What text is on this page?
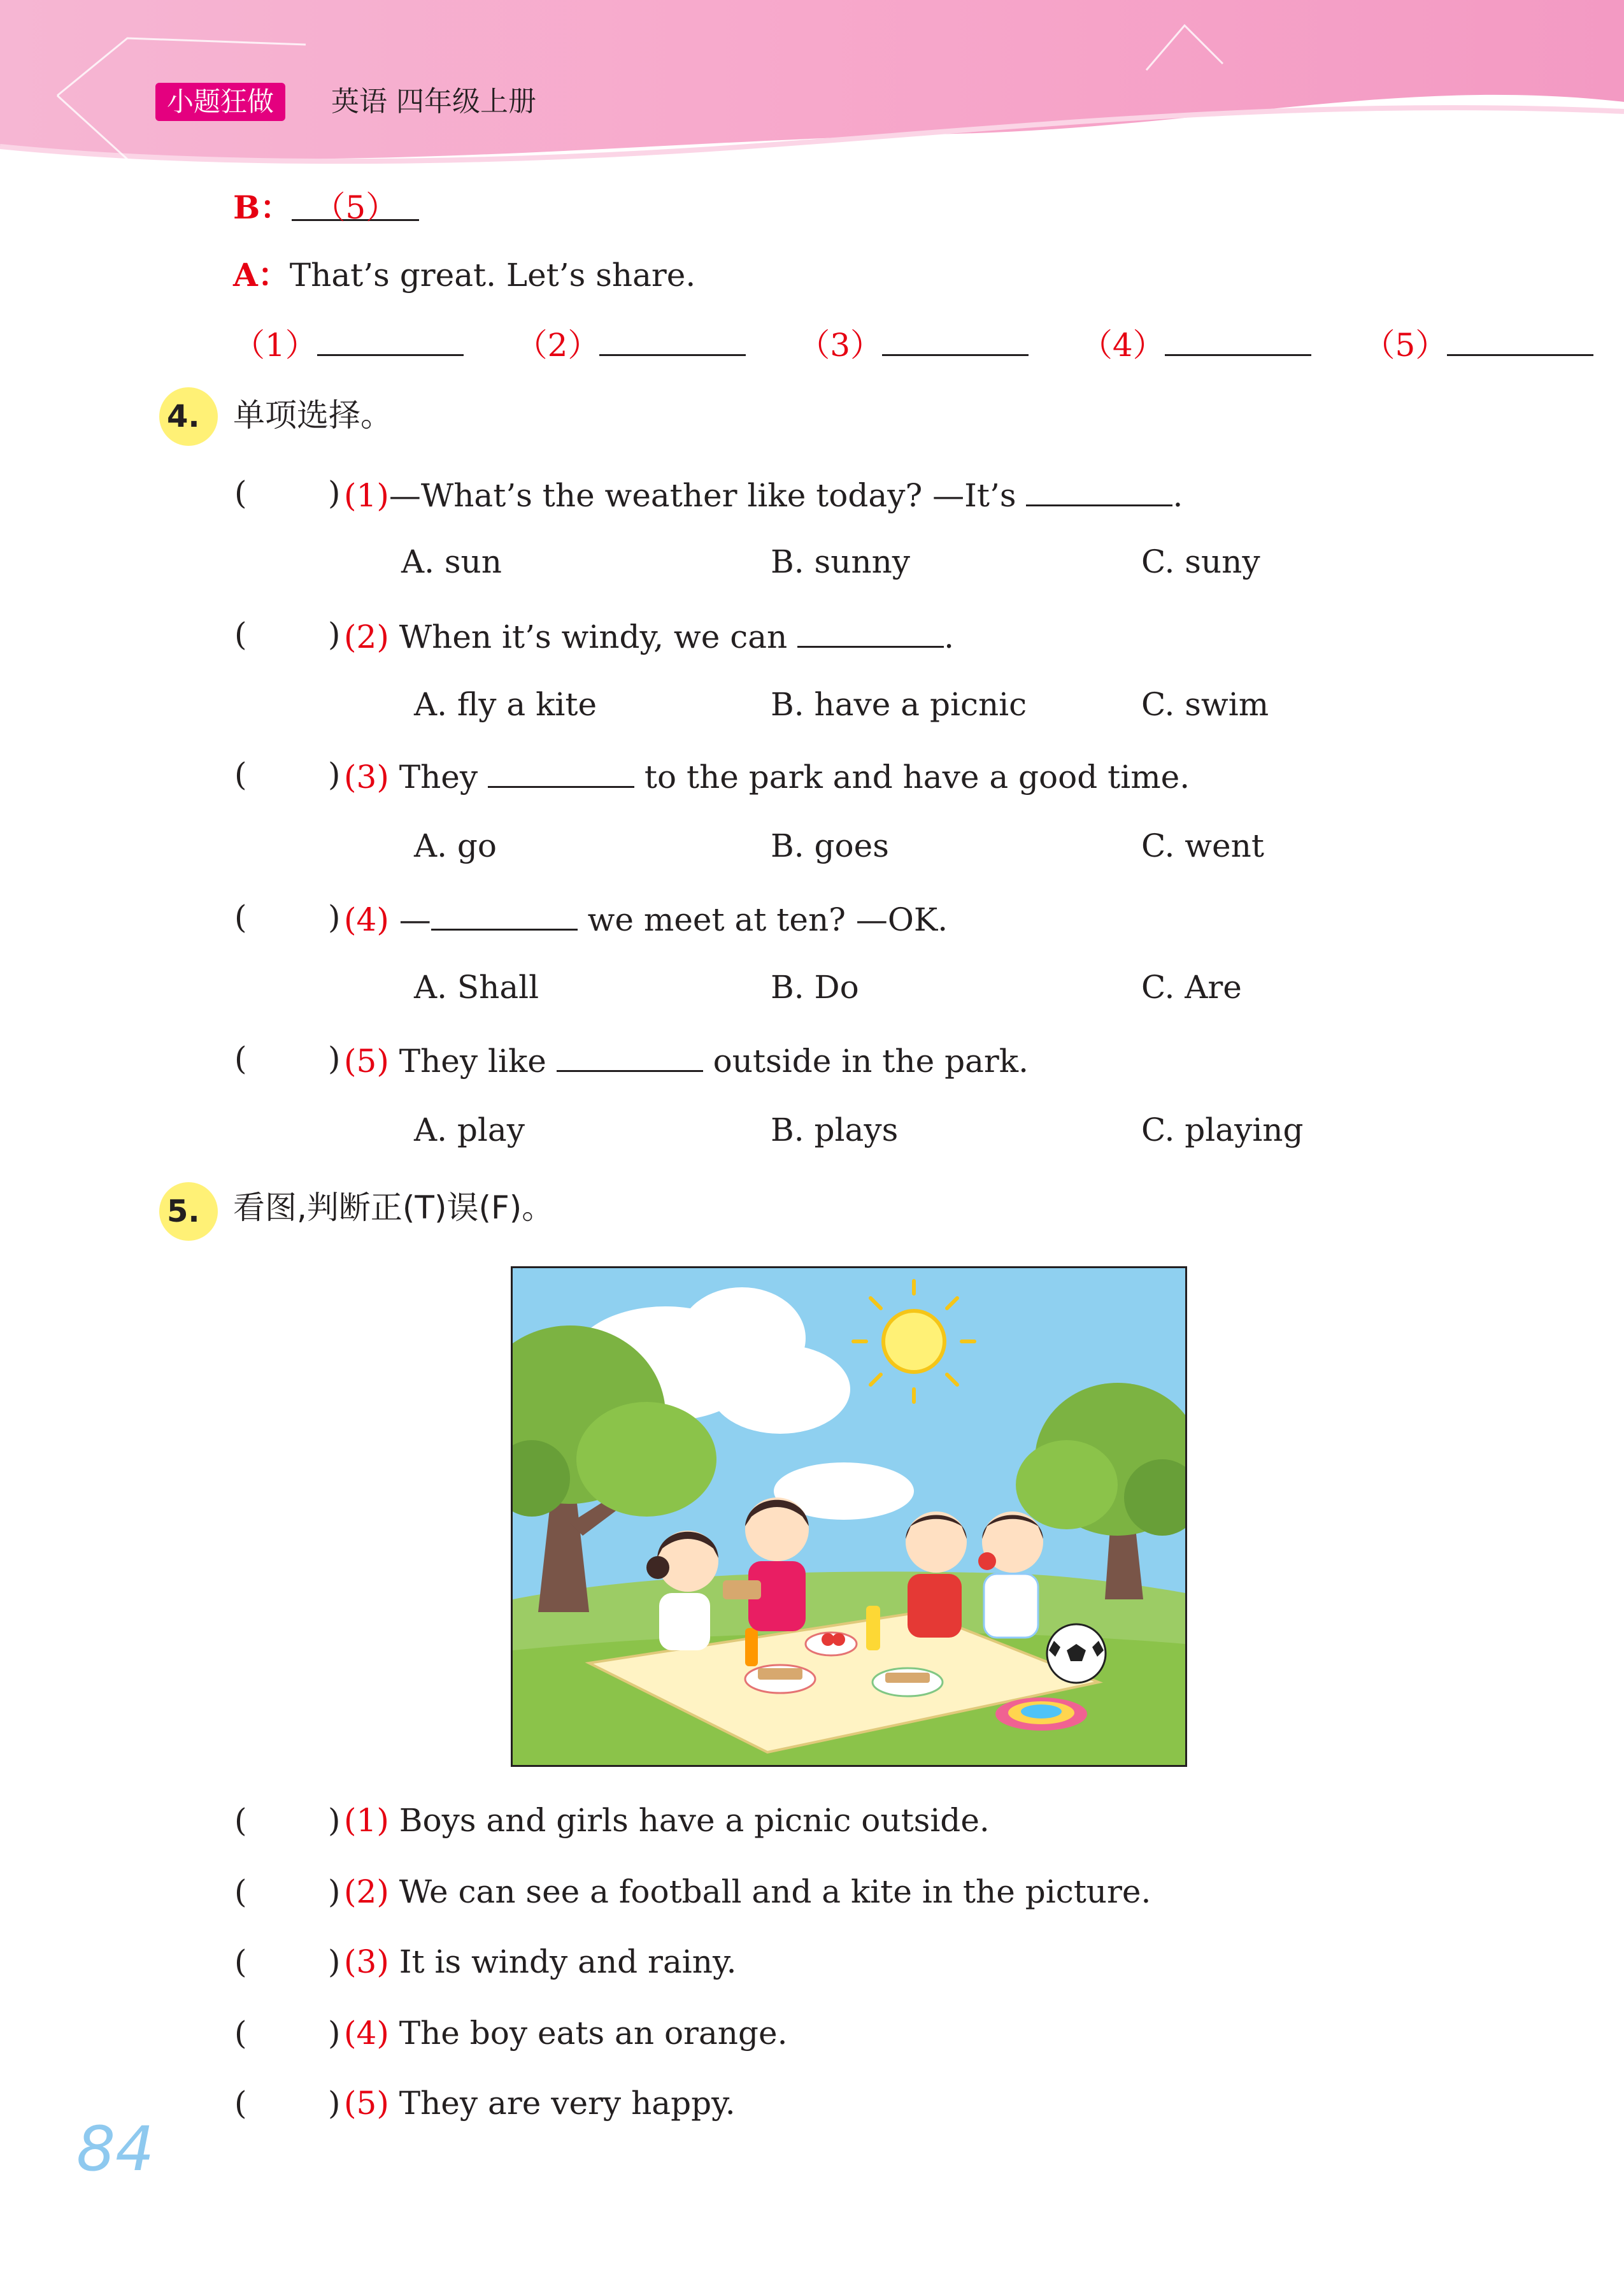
小题狂做	英语 四年级上册
B： （5）
A：That’s great. Let’s share.
（1）	（2）	（3）	（4）	（5）
4. 单项选择。
(	) (1)—What’s the weather like today? —It’s	.
A. sun	B. sunny	C. suny
(	) (2) When it’s windy, we can	.
A. fly a kite	B. have a picnic	C. swim
(	) (3) They	to the park and have a good time.
A. go	B. goes	C. went
(	) (4) —	we meet at ten? —OK.
A. Shall	B. Do	C. Are
(	) (5) They like	outside in the park.
A. play	B. plays	C. playing
5. 看图,判断正(T)误(F)。
(	) (1) Boys and girls have a picnic outside.
(	) (2) We can see a football and a kite in the picture.
(	) (3) It is windy and rainy.
(	) (4) The boy eats an orange.
(	) (5) They are very happy.
84
